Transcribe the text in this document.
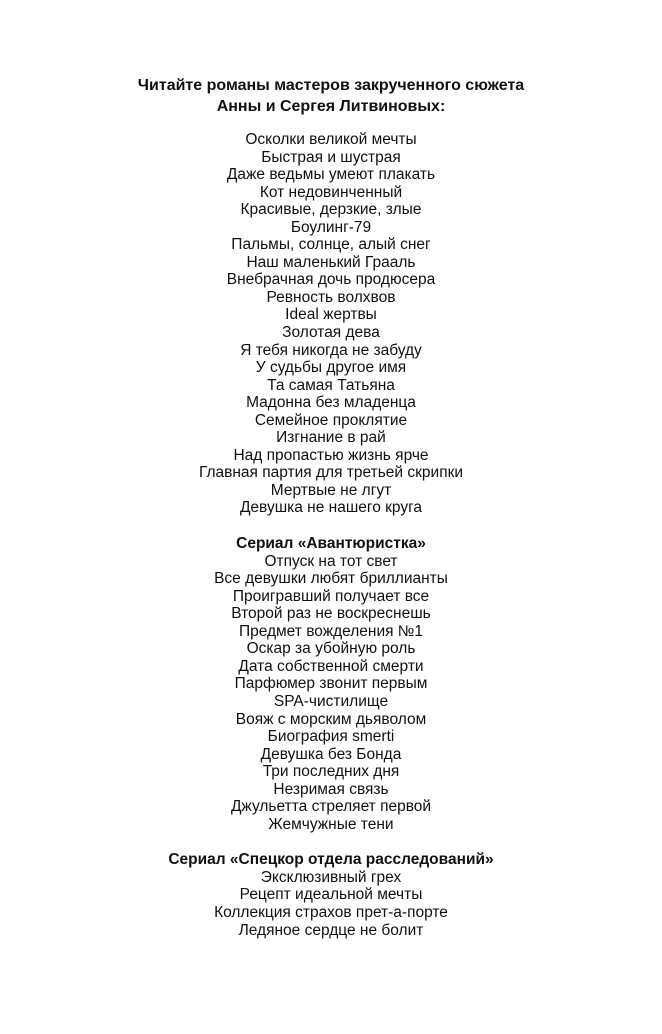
Читайте романы мастеров закрученного сюжета

Анны и Сергея Литвиновых:

Осколки великой мечты
Быстрая и шустрая
Даже ведьмы умеют плакать
Кот недовинченный
Красивые, дерзкие, злые
Боулинг-79
Пальмы, солнце, алый снег
Наш маленький Грааль
Внебрачная дочь продюсера
Ревность волхвов
Ideal жертвы
Золотая дева
Я тебя никогда не забуду
У судьбы другое имя
Та самая Татьяна
Мадонна без младенца
Семейное проклятие
Изгнание в рай
Над пропастью жизнь ярче
Главная партия для третьей скрипки
Мертвые не лгут
Девушка не нашего круга

Сериал «Авантюристка»

Отпуск на тот свет
Все девушки любят бриллианты
Проигравший получает все
Второй раз не воскреснешь
Предмет вожделения №1
Оскар за убойную роль
Дата собственной смерти
Парфюмер звонит первым
SPA-чистилище
Вояж с морским дьяволом
Биография smerti
Девушка без Бонда
Три последних дня
Незримая связь
Джульетта стреляет первой
Жемчужные тени

Сериал «Спецкор отдела расследований»

Эксклюзивный грех
Рецепт идеальной мечты
Коллекция страхов прет-а-порте
Ледяное сердце не болит
